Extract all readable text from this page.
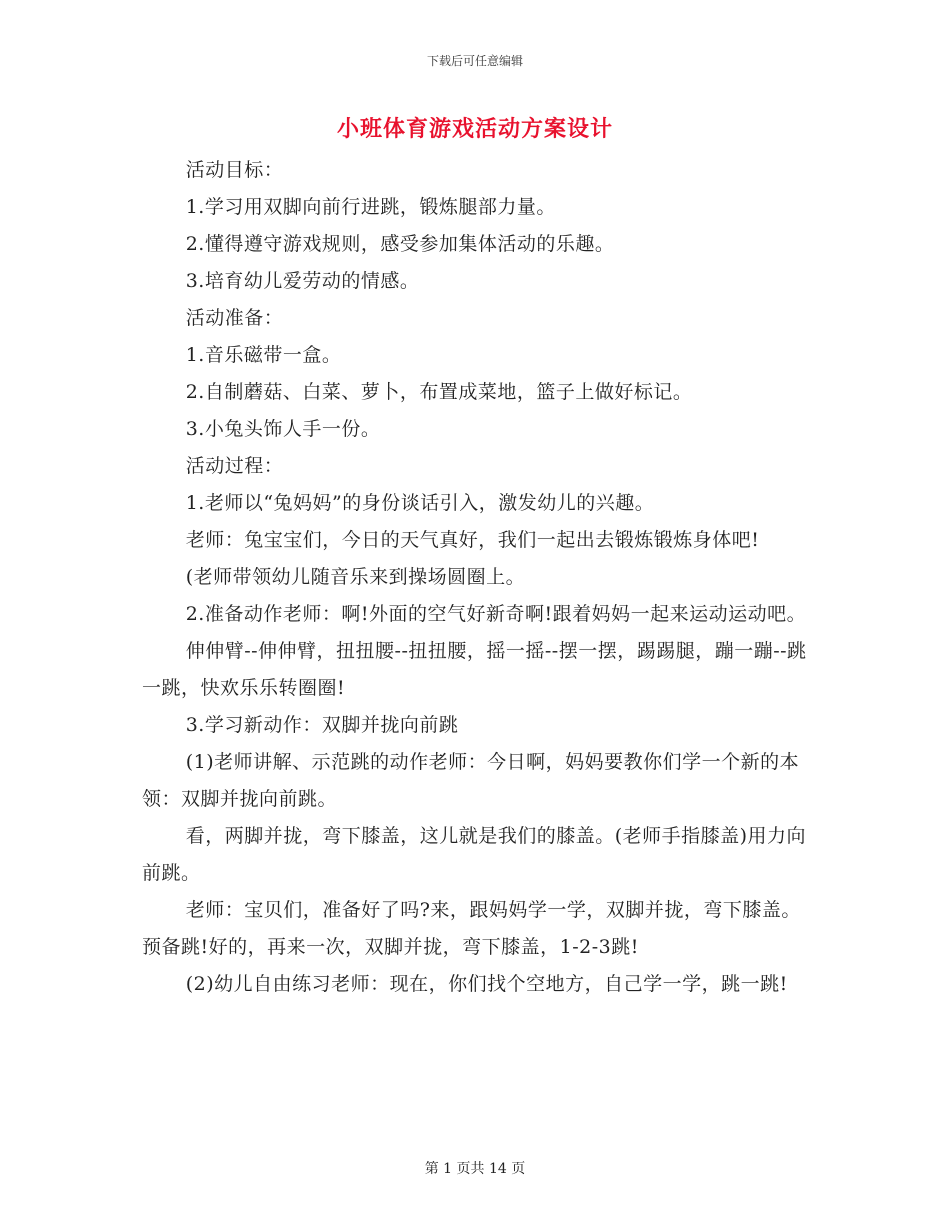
下载后可任意编辑
小班体育游戏活动方案设计

活动目标：

1.学习用双脚向前行进跳，锻炼腿部力量。

2.懂得遵守游戏规则，感受参加集体活动的乐趣。

3.培育幼儿爱劳动的情感。

活动准备：

1.音乐磁带一盒。

2.自制蘑菇、白菜、萝卜，布置成菜地，篮子上做好标记。

3.小兔头饰人手一份。

活动过程：

1.老师以“兔妈妈”的身份谈话引入，激发幼儿的兴趣。

老师：兔宝宝们，今日的天气真好，我们一起出去锻炼锻炼身体吧!

(老师带领幼儿随音乐来到操场圆圈上。

2.准备动作老师：啊!外面的空气好新奇啊!跟着妈妈一起来运动运动吧。

伸伸臂--伸伸臂，扭扭腰--扭扭腰，摇一摇--摆一摆，踢踢腿，蹦一蹦--跳一跳，快欢乐乐转圈圈!

3.学习新动作：双脚并拢向前跳

(1)老师讲解、示范跳的动作老师：今日啊，妈妈要教你们学一个新的本领：双脚并拢向前跳。

看，两脚并拢，弯下膝盖，这儿就是我们的膝盖。(老师手指膝盖)用力向前跳。

老师：宝贝们，准备好了吗?来，跟妈妈学一学，双脚并拢，弯下膝盖。预备跳!好的，再来一次，双脚并拢，弯下膝盖，1-2-3跳!

(2)幼儿自由练习老师：现在，你们找个空地方，自己学一学，跳一跳!

第 1 页共 14 页
